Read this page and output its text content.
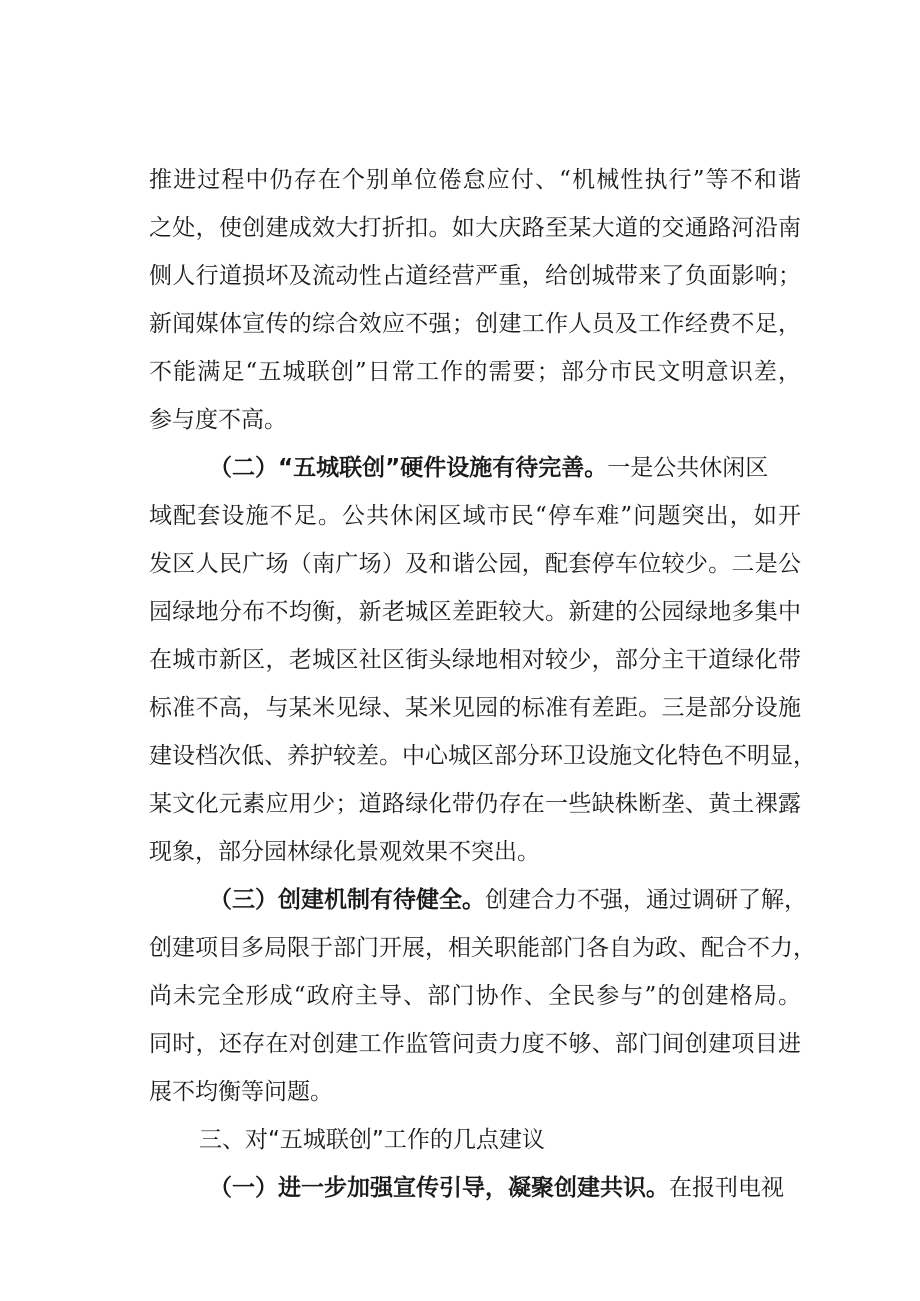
推进过程中仍存在个别单位倦怠应付、“机械性执行”等不和谐
之处，使创建成效大打折扣。如大庆路至某大道的交通路河沿南
侧人行道损坏及流动性占道经营严重，给创城带来了负面影响；
新闻媒体宣传的综合效应不强；创建工作人员及工作经费不足，
不能满足“五城联创”日常工作的需要；部分市民文明意识差，
参与度不高。
（二）“五城联创”硬件设施有待完善。一是公共休闲区
域配套设施不足。公共休闲区域市民“停车难”问题突出，如开
发区人民广场（南广场）及和谐公园，配套停车位较少。二是公
园绿地分布不均衡，新老城区差距较大。新建的公园绿地多集中
在城市新区，老城区社区街头绿地相对较少，部分主干道绿化带
标准不高，与某米见绿、某米见园的标准有差距。三是部分设施
建设档次低、养护较差。中心城区部分环卫设施文化特色不明显，
某文化元素应用少；道路绿化带仍存在一些缺株断垄、黄土裸露
现象，部分园林绿化景观效果不突出。
（三）创建机制有待健全。创建合力不强，通过调研了解，
创建项目多局限于部门开展，相关职能部门各自为政、配合不力，
尚未完全形成“政府主导、部门协作、全民参与”的创建格局。
同时，还存在对创建工作监管问责力度不够、部门间创建项目进
展不均衡等问题。
三、对“五城联创”工作的几点建议
（一）进一步加强宣传引导，凝聚创建共识。在报刊电视
